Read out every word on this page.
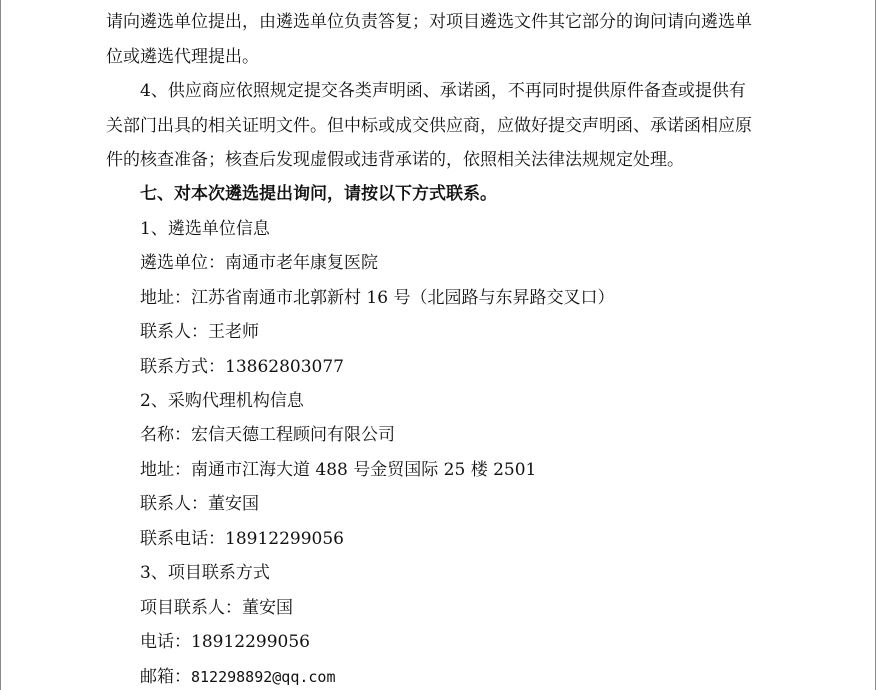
请向遴选单位提出，由遴选单位负责答复；对项目遴选文件其它部分的询问请向遴选单
位或遴选代理提出。
4、供应商应依照规定提交各类声明函、承诺函，不再同时提供原件备查或提供有
关部门出具的相关证明文件。但中标或成交供应商，应做好提交声明函、承诺函相应原
件的核查准备；核查后发现虚假或违背承诺的，依照相关法律法规规定处理。
七、对本次遴选提出询问，请按以下方式联系。
1、遴选单位信息
遴选单位：南通市老年康复医院
地址：江苏省南通市北郭新村 16 号（北园路与东昇路交叉口）
联系人：王老师
联系方式：13862803077
2、采购代理机构信息
名称：宏信天德工程顾问有限公司
地址：南通市江海大道 488 号金贸国际 25 楼 2501
联系人：董安国
联系电话：18912299056
3、项目联系方式
项目联系人：董安国
电话：18912299056
邮箱：812298892@qq.com
